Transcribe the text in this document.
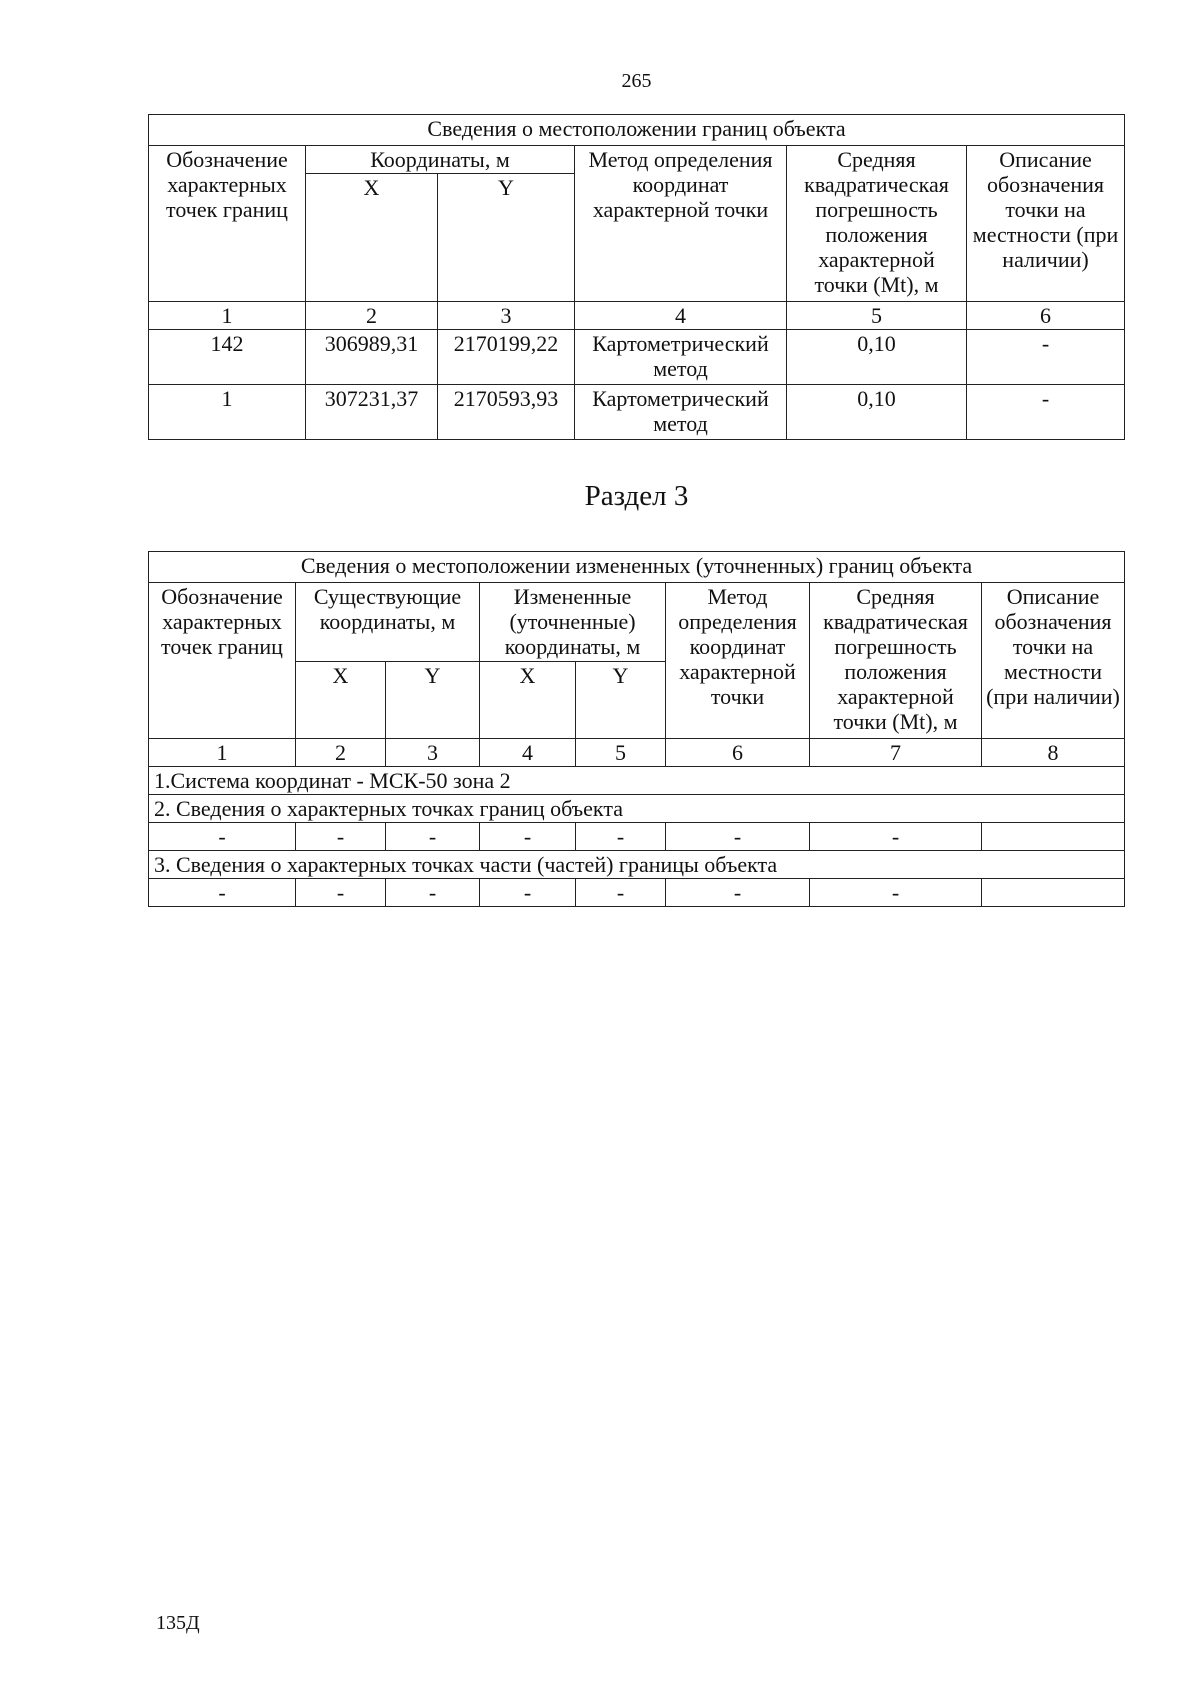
265
Сведения о местоположении границ объекта					
Обозначение характерных точек границ	Координаты, м		Метод определения координат характерной точки	Средняя квадратическая погрешность положения характерной точки (Mt), м	Описание обозначения точки на местности (при наличии)
	X	Y			
1	2	3	4	5	6
142	306989,31	2170199,22	Картометрический метод	0,10	-
1	307231,37	2170593,93	Картометрический метод	0,10	-
Раздел 3
Сведения о местоположении измененных (уточненных) границ объекта							
Обозначение характерных точек границ	Существующие координаты, м		Измененные (уточненные) координаты, м		Метод определения координат характерной точки	Средняя квадратическая погрешность положения характерной точки (Mt), м	Описание обозначения точки на местности (при наличии)
	X	Y	X	Y			
1	2	3	4	5	6	7	8
1.Система координат - МСК-50 зона 2							
2. Сведения о характерных точках границ объекта							
-	-	-	-	-	-	-	
3. Сведения о характерных точках части (частей) границы объекта							
-	-	-	-	-	-	-	
135Д
